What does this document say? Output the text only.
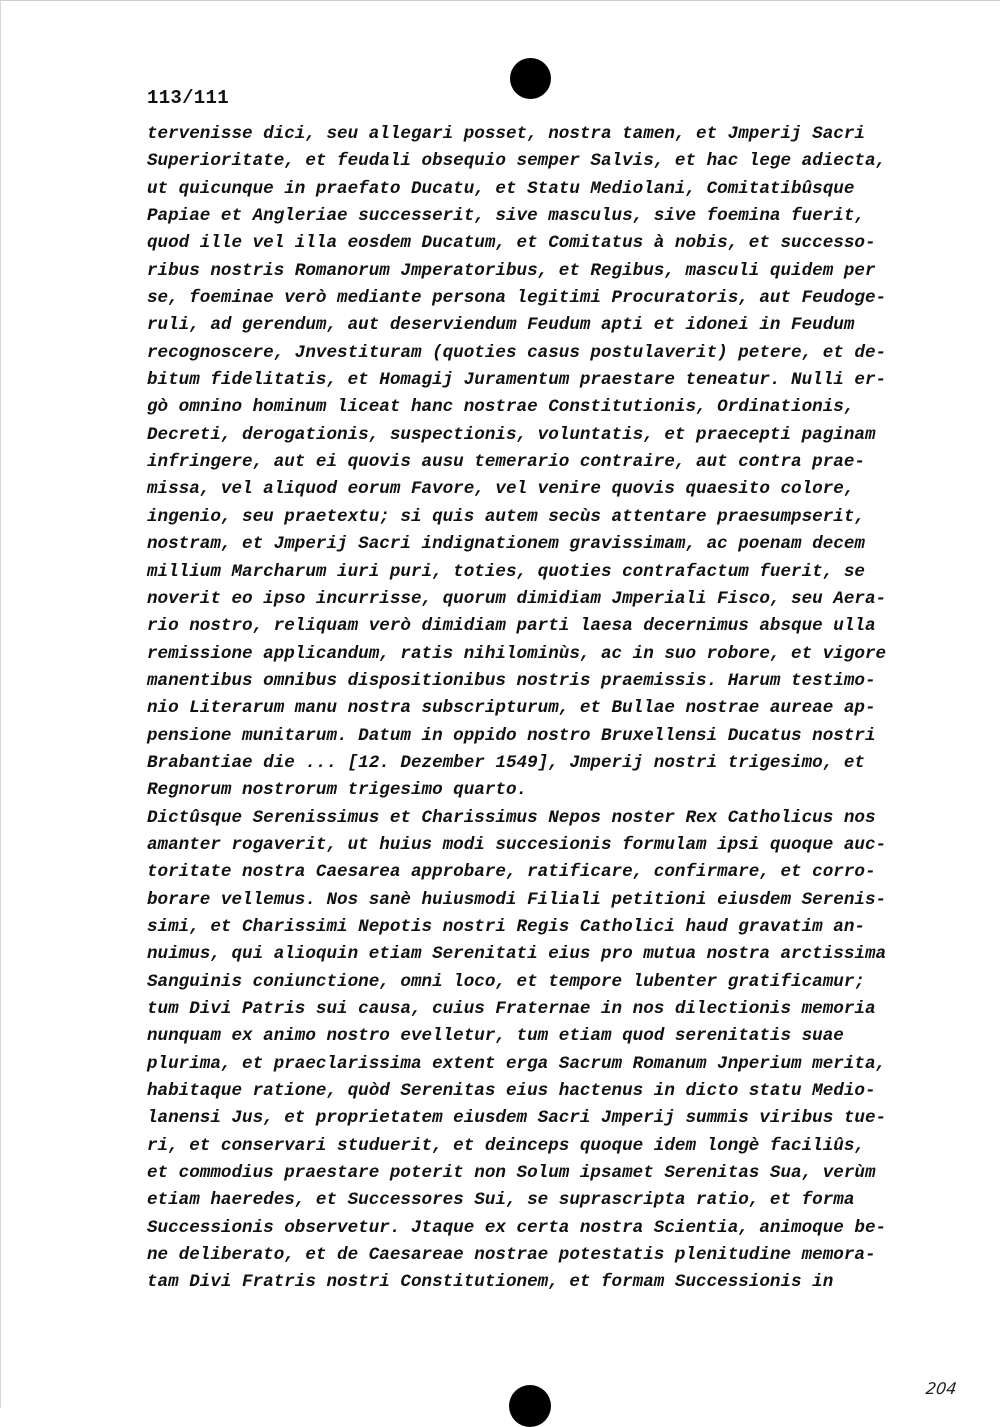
113/111
tervenisse dici, seu allegari posset, nostra tamen, et Jmperij Sacri
Superioritate, et feudali obsequio semper Salvis, et hac lege adiecta,
ut quicunque in praefato Ducatu, et Statu Mediolani, Comitatibûsque
Papiae et Angleriae successerit, sive masculus, sive foemina fuerit,
quod ille vel illa eosdem Ducatum, et Comitatus à nobis, et successo-
ribus nostris Romanorum Jmperatoribus, et Regibus, masculi quidem per
se, foeminae verò mediante persona legitimi Procuratoris, aut Feudoge-
ruli, ad gerendum, aut deserviendum Feudum apti et idonei in Feudum
recognoscere, Jnvestituram (quoties casus postulaverit) petere, et de-
bitum fidelitatis, et Homagij Juramentum praestare teneatur. Nulli er-
gò omnino hominum liceat hanc nostrae Constitutionis, Ordinationis,
Decreti, derogationis, suspectionis, voluntatis, et praecepti paginam
infringere, aut ei quovis ausu temerario contraire, aut contra prae-
missa, vel aliquod eorum Favore, vel venire quovis quaesito colore,
ingenio, seu praetextu; si quis autem secùs attentare praesumpserit,
nostram, et Jmperij Sacri indignationem gravissimam, ac poenam decem
millium Marcharum iuri puri, toties, quoties contrafactum fuerit, se
noverit eo ipso incurrisse, quorum dimidiam Jmperiali Fisco, seu Aera-
rio nostro, reliquam verò dimidiam parti laesa decernimus absque ulla
remissione applicandum, ratis nihilominùs, ac in suo robore, et vigore
manentibus omnibus dispositionibus nostris praemissis. Harum testimo-
nio Literarum manu nostra subscripturum, et Bullae nostrae aureae ap-
pensione munitarum. Datum in oppido nostro Bruxellensi Ducatus nostri
Brabantiae die ... [12. Dezember 1549], Jmperij nostri trigesimo, et
Regnorum nostrorum trigesimo quarto.
Dictûsque Serenissimus et Charissimus Nepos noster Rex Catholicus nos
amanter rogaverit, ut huius modi succesionis formulam ipsi quoque auc-
toritate nostra Caesarea approbare, ratificare, confirmare, et corro-
borare vellemus. Nos sanè huiusmodi Filiali petitioni eiusdem Serenis-
simi, et Charissimi Nepotis nostri Regis Catholici haud gravatim an-
nuimus, qui alioquin etiam Serenitati eius pro mutua nostra arctissima
Sanguinis coniunctione, omni loco, et tempore lubenter gratificamur;
tum Divi Patris sui causa, cuius Fraternae in nos dilectionis memoria
nunquam ex animo nostro evelletur, tum etiam quod serenitatis suae
plurima, et praeclarissima extent erga Sacrum Romanum Jnperium merita,
habitaque ratione, quòd Serenitas eius hactenus in dicto statu Medio-
lanensi Jus, et proprietatem eiusdem Sacri Jmperij summis viribus tue-
ri, et conservari studuerit, et deinceps quoque idem longè faciliûs,
et commodius praestare poterit non Solum ipsamet Serenitas Sua, verùm
etiam haeredes, et Successores Sui, se suprascripta ratio, et forma
Successionis observetur. Jtaque ex certa nostra Scientia, animoque be-
ne deliberato, et de Caesareae nostrae potestatis plenitudine memora-
tam Divi Fratris nostri Constitutionem, et formam Successionis in
204
